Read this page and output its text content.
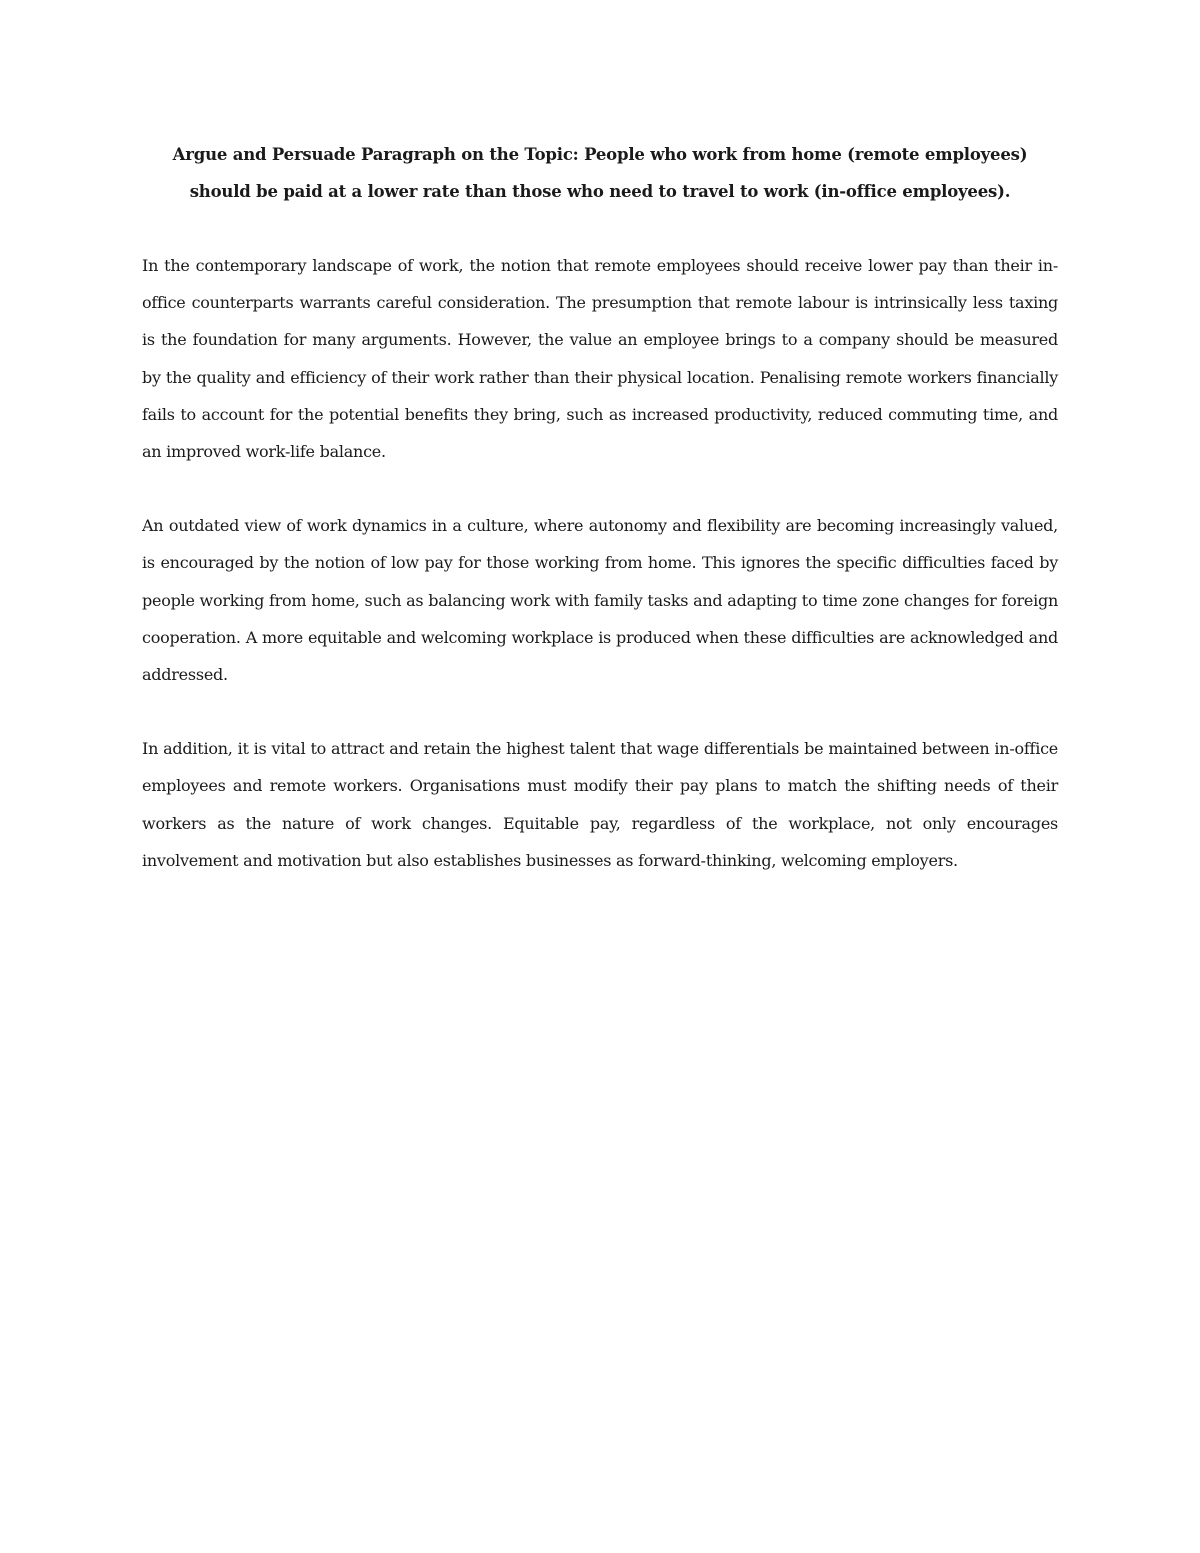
Argue and Persuade Paragraph on the Topic: People who work from home (remote employees)
should be paid at a lower rate than those who need to travel to work (in-office employees).

In the contemporary landscape of work, the notion that remote employees should receive lower pay than their in-office counterparts warrants careful consideration. The presumption that remote labour is intrinsically less taxing is the foundation for many arguments. However, the value an employee brings to a company should be measured by the quality and efficiency of their work rather than their physical location. Penalising remote workers financially fails to account for the potential benefits they bring, such as increased productivity, reduced commuting time, and an improved work-life balance.

An outdated view of work dynamics in a culture, where autonomy and flexibility are becoming increasingly valued, is encouraged by the notion of low pay for those working from home. This ignores the specific difficulties faced by people working from home, such as balancing work with family tasks and adapting to time zone changes for foreign cooperation. A more equitable and welcoming workplace is produced when these difficulties are acknowledged and addressed.

In addition, it is vital to attract and retain the highest talent that wage differentials be maintained between in-office employees and remote workers. Organisations must modify their pay plans to match the shifting needs of their workers as the nature of work changes. Equitable pay, regardless of the workplace, not only encourages involvement and motivation but also establishes businesses as forward-thinking, welcoming employers.
